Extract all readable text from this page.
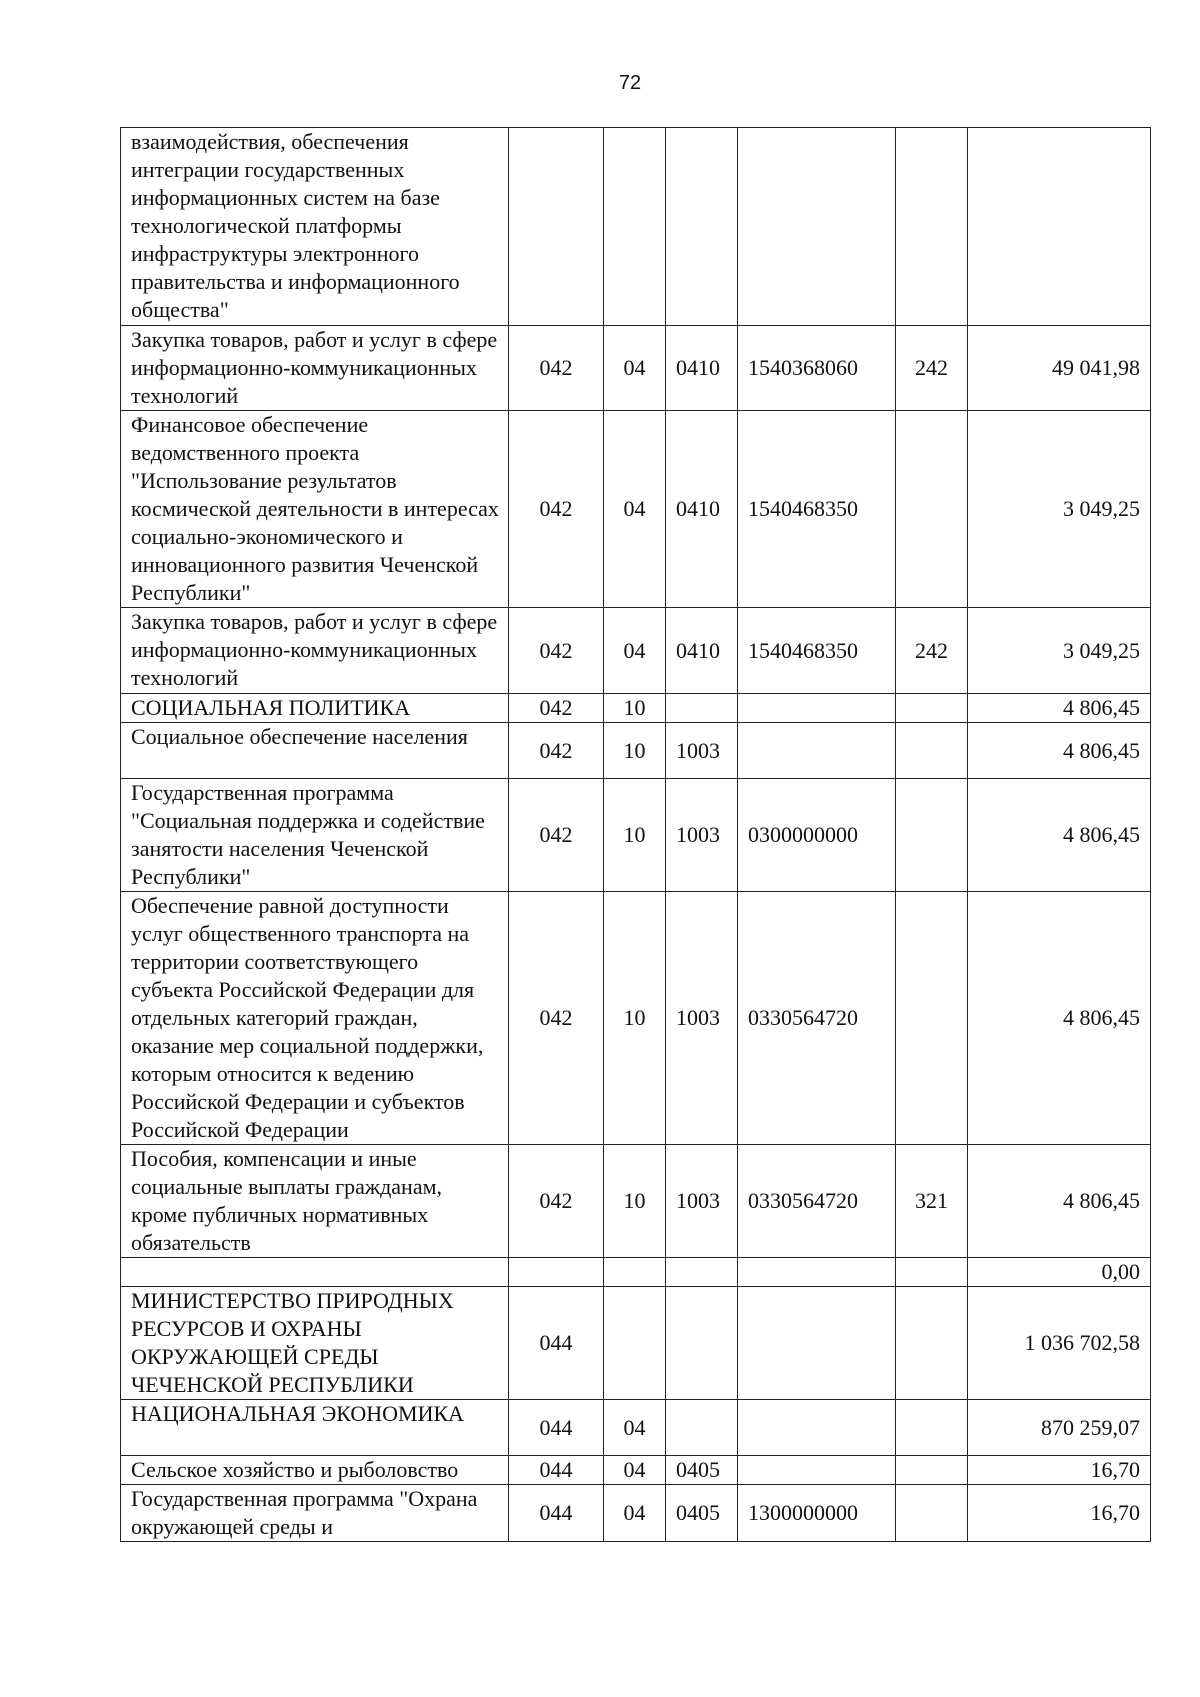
72
взаимодействия, обеспечения интеграции государственных информационных систем на базе технологической платформы инфраструктуры электронного правительства и информационного общества"						
Закупка товаров, работ и услуг в сфере информационно-коммуникационных технологий	042	04	0410	1540368060	242	49 041,98
Финансовое обеспечение ведомственного проекта "Использование результатов космической деятельности в интересах социально-экономического и инновационного развития Чеченской Республики"	042	04	0410	1540468350		3 049,25
Закупка товаров, работ и услуг в сфере информационно-коммуникационных технологий	042	04	0410	1540468350	242	3 049,25
СОЦИАЛЬНАЯ ПОЛИТИКА	042	10				4 806,45
Социальное обеспечение населения	042	10	1003			4 806,45
Государственная программа "Социальная поддержка и содействие занятости населения Чеченской Республики"	042	10	1003	0300000000		4 806,45
Обеспечение равной доступности услуг общественного транспорта на территории соответствующего субъекта Российской Федерации для отдельных категорий граждан, оказание мер социальной поддержки, которым относится к ведению Российской Федерации и субъектов Российской Федерации	042	10	1003	0330564720		4 806,45
Пособия, компенсации и иные социальные выплаты гражданам, кроме публичных нормативных обязательств	042	10	1003	0330564720	321	4 806,45
						0,00
МИНИСТЕРСТВО ПРИРОДНЫХ РЕСУРСОВ И ОХРАНЫ ОКРУЖАЮЩЕЙ СРЕДЫ ЧЕЧЕНСКОЙ РЕСПУБЛИКИ	044					1 036 702,58
НАЦИОНАЛЬНАЯ ЭКОНОМИКА	044	04				870 259,07
Сельское хозяйство и рыболовство	044	04	0405			16,70
Государственная программа "Охрана окружающей среды и	044	04	0405	1300000000		16,70
